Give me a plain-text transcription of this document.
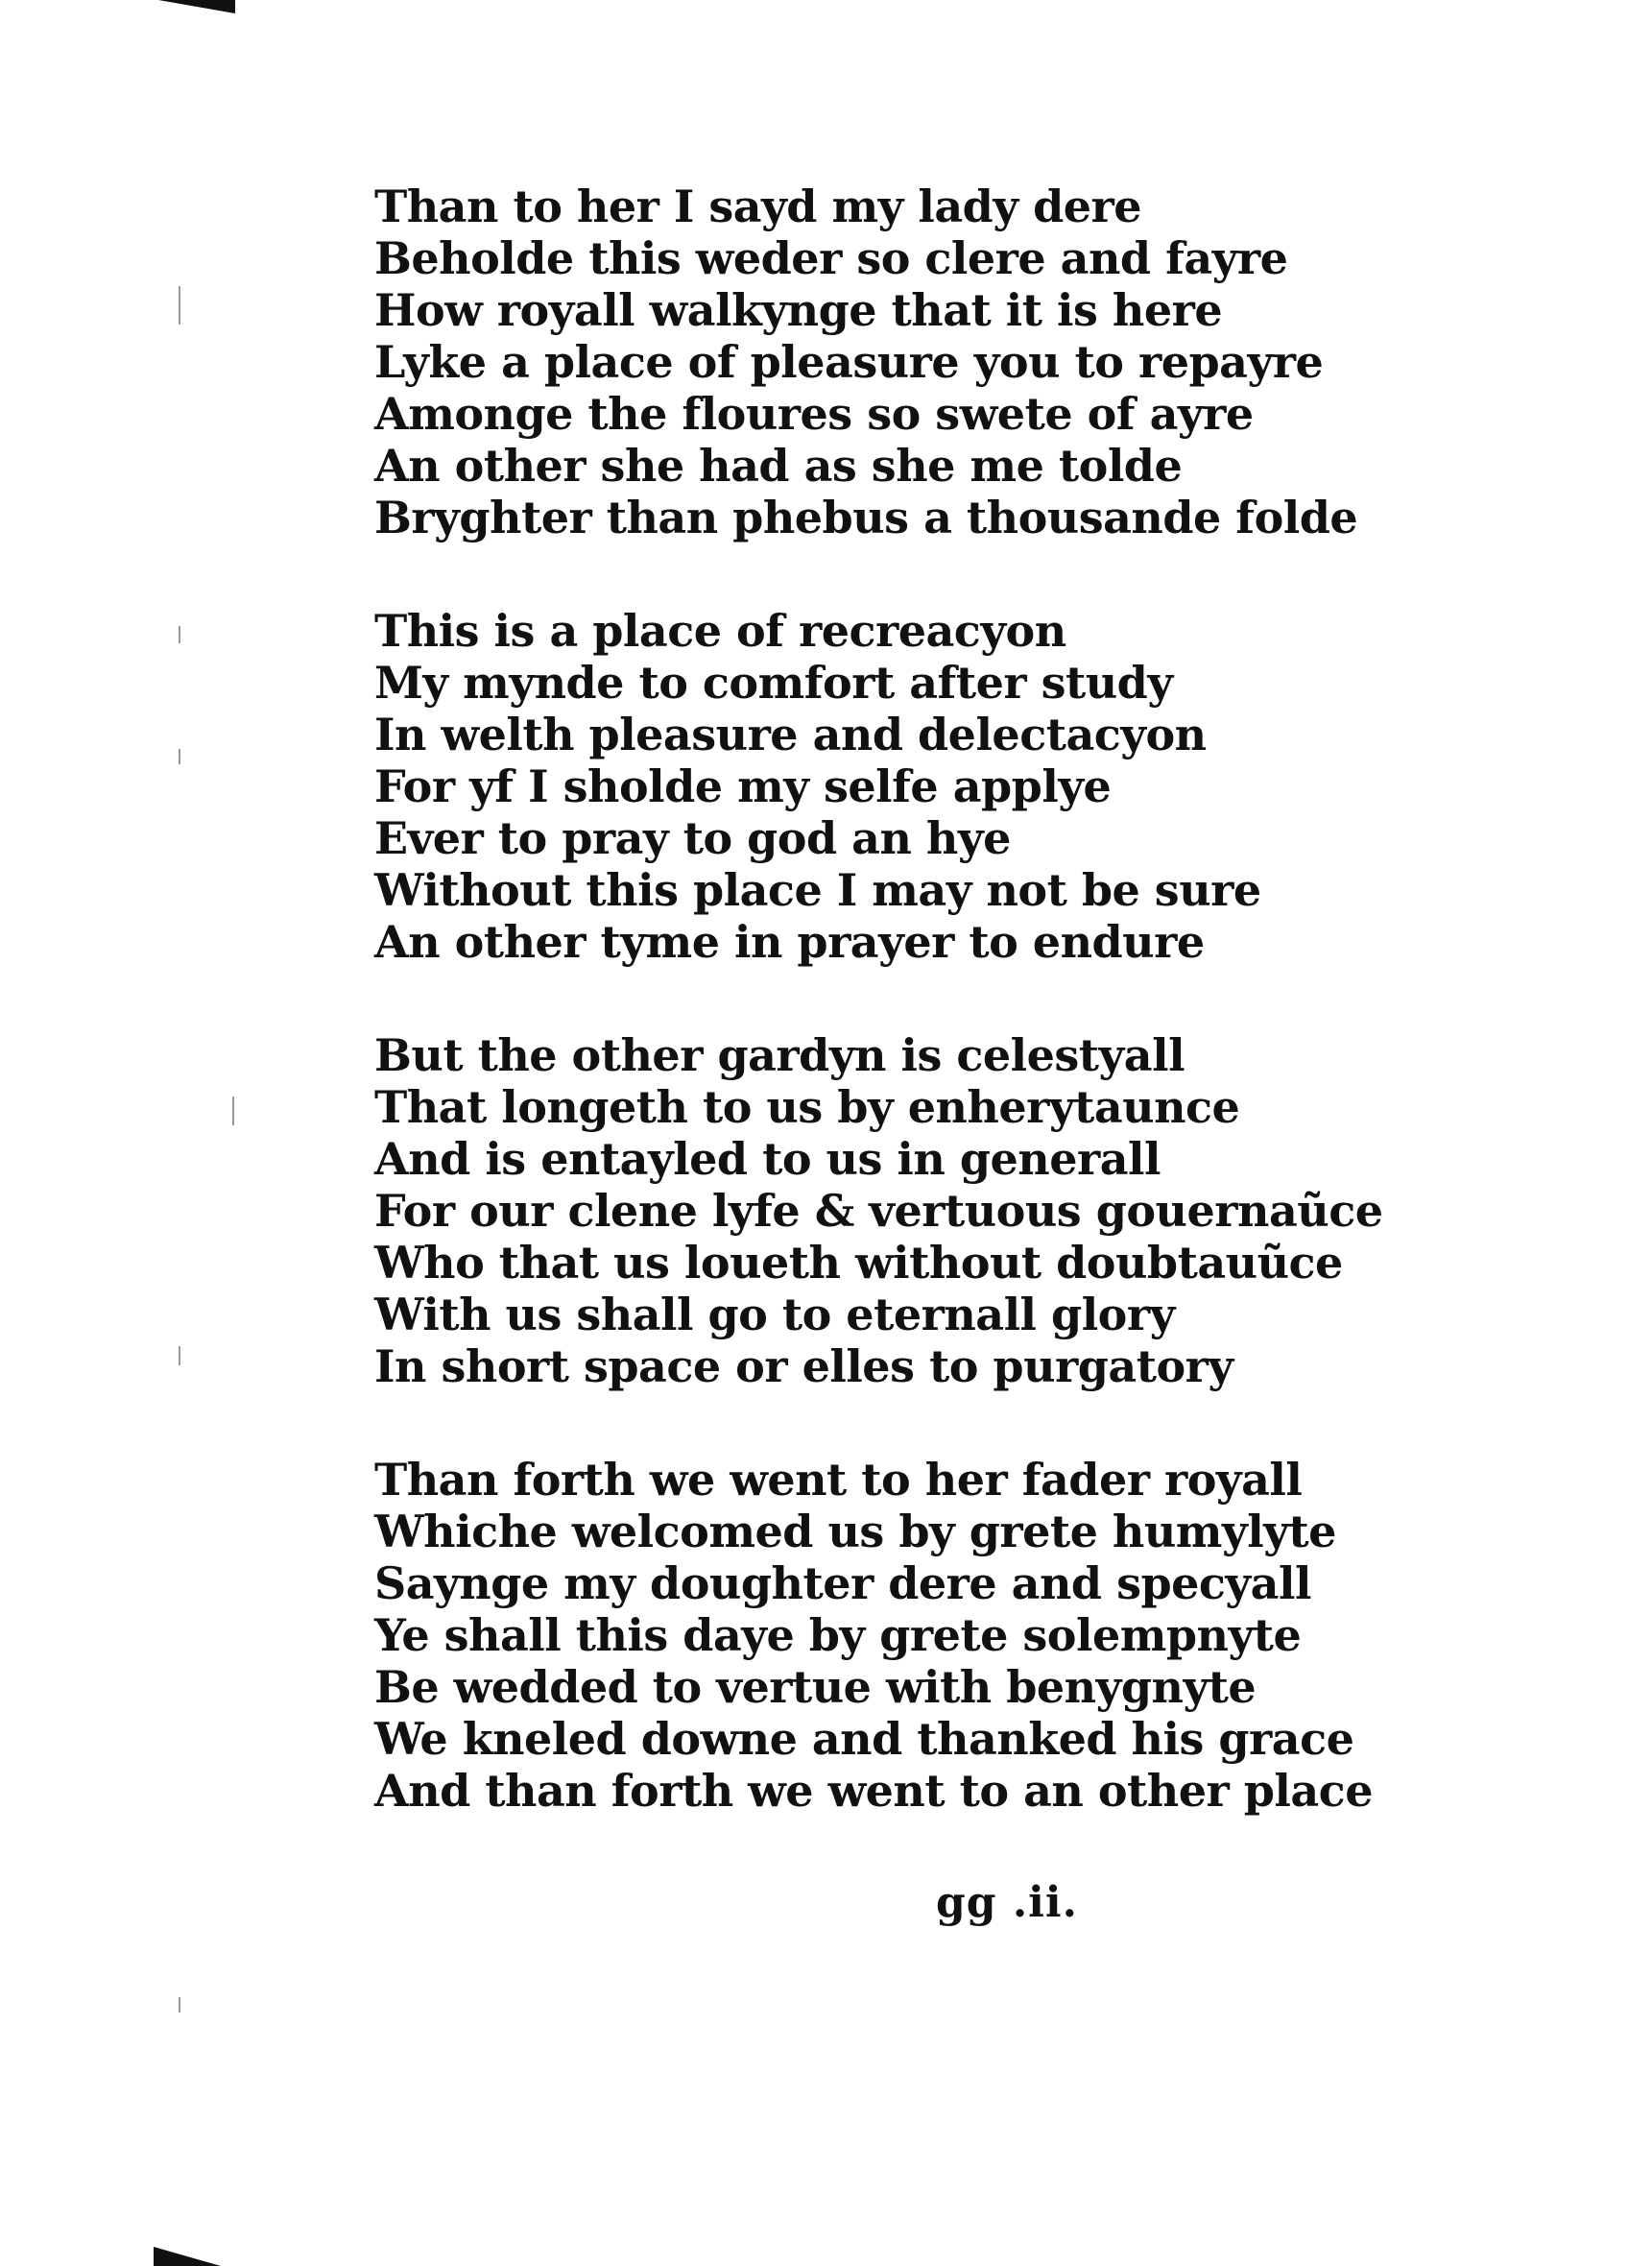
Than to her I sayd my lady dere
Beholde this weder so clere and fayre
How royall walkynge that it is here
Lyke a place of pleasure you to repayre
Amonge the floures so swete of ayre
An other she had as she me tolde
Bryghter than phebus a thousande folde
This is a place of recreacyon
My mynde to comfort after study
In welth pleasure and delectacyon
For yf I sholde my selfe applye
Ever to pray to god an hye
Without this place I may not be sure
An other tyme in prayer to endure
But the other gardyn is celestyall
That longeth to us by enherytaunce
And is entayled to us in generall
For our clene lyfe & vertuous gouernaũce
Who that us loueth without doubtauũce
With us shall go to eternall glory
In short space or elles to purgatory
Than forth we went to her fader royall
Whiche welcomed us by grete humylyte
Saynge my doughter dere and specyall
Ye shall this daye by grete solempnyte
Be wedded to vertue with benygnyte
We kneled downe and thanked his grace
And than forth we went to an other place
gg .ii.
